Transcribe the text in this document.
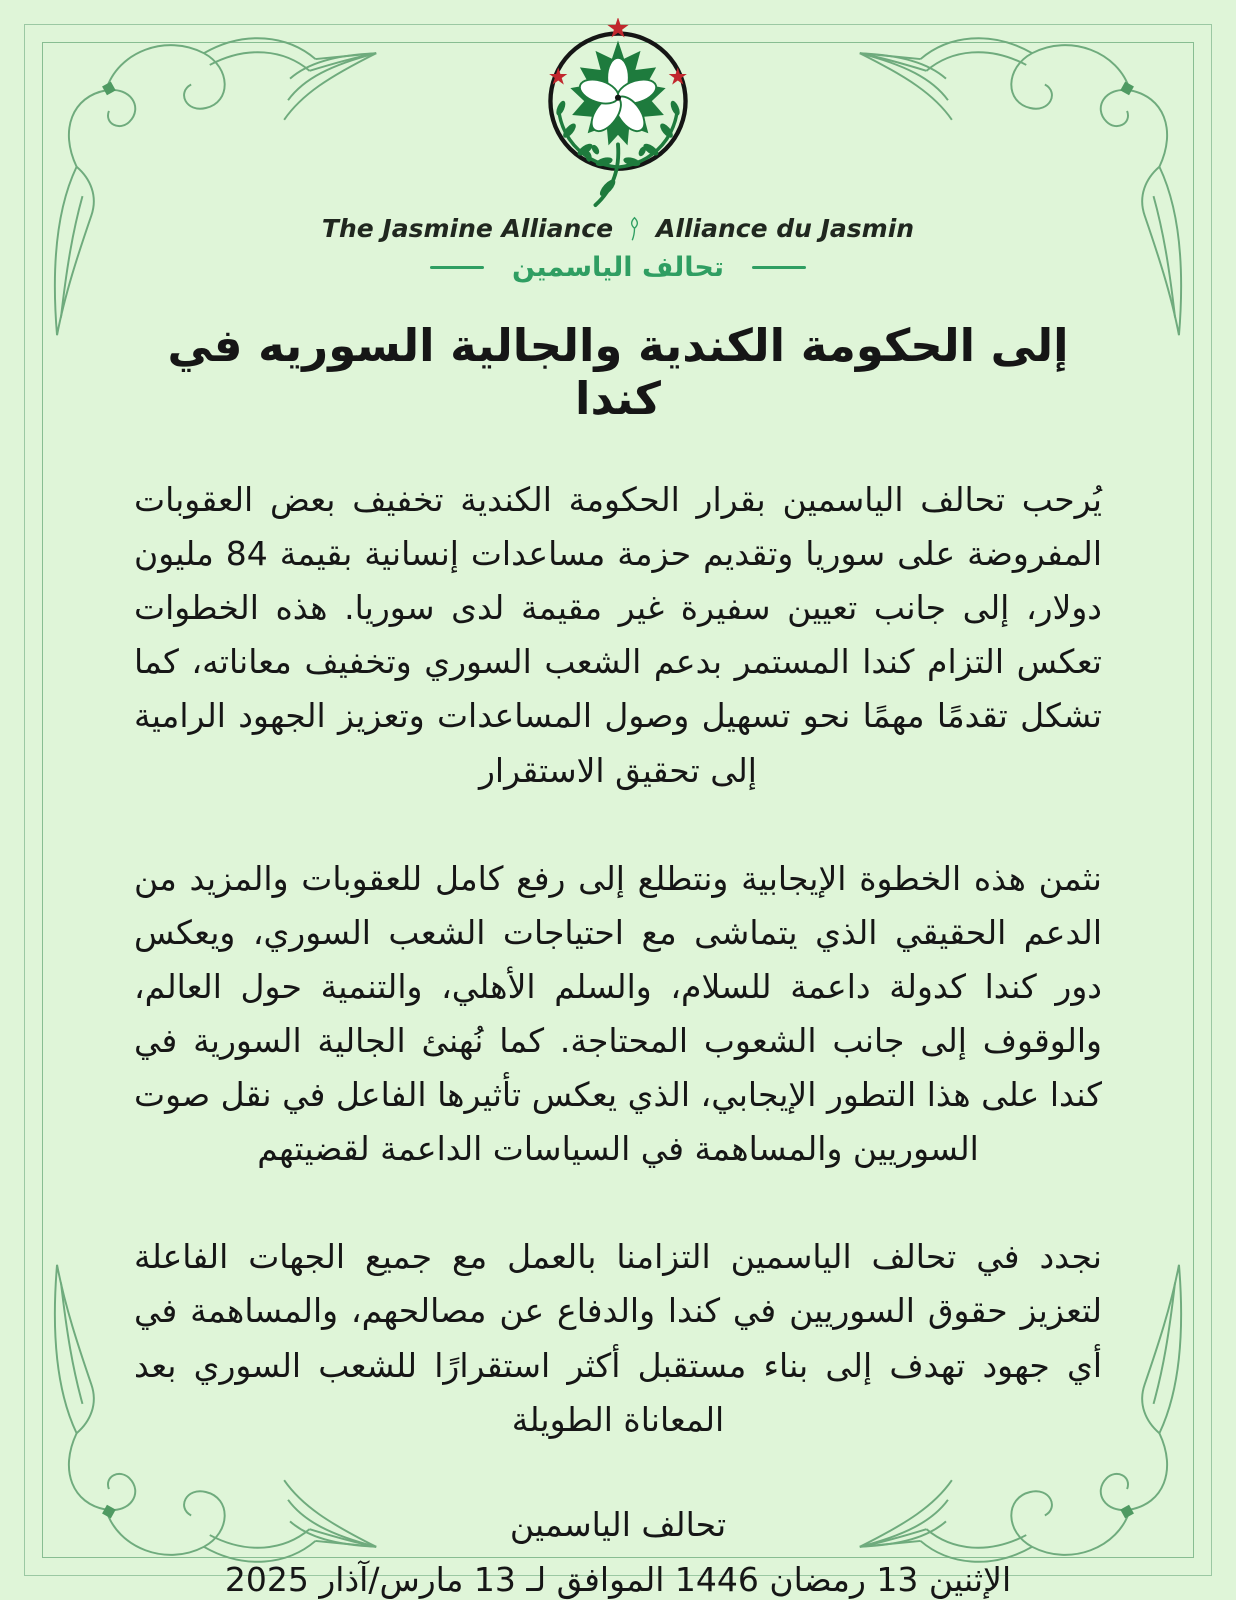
The Jasmine Alliance Alliance du Jasmin
تحالف الياسمين
إلى الحكومة الكندية والجالية السوريه في كندا

يُرحب تحالف الياسمين بقرار الحكومة الكندية تخفيف بعض العقوبات المفروضة على سوريا وتقديم حزمة مساعدات إنسانية بقيمة 84 مليون دولار، إلى جانب تعيين سفيرة غير مقيمة لدى سوريا. هذه الخطوات تعكس التزام كندا المستمر بدعم الشعب السوري وتخفيف معاناته، كما تشكل تقدمًا مهمًا نحو تسهيل وصول المساعدات وتعزيز الجهود الرامية إلى تحقيق الاستقرار

نثمن هذه الخطوة الإيجابية ونتطلع إلى رفع كامل للعقوبات والمزيد من الدعم الحقيقي الذي يتماشى مع احتياجات الشعب السوري، ويعكس دور كندا كدولة داعمة للسلام، والسلم الأهلي، والتنمية حول العالم، والوقوف إلى جانب الشعوب المحتاجة. كما نُهنئ الجالية السورية في كندا على هذا التطور الإيجابي، الذي يعكس تأثيرها الفاعل في نقل صوت السوريين والمساهمة في السياسات الداعمة لقضيتهم

نجدد في تحالف الياسمين التزامنا بالعمل مع جميع الجهات الفاعلة لتعزيز حقوق السوريين في كندا والدفاع عن مصالحهم، والمساهمة في أي جهود تهدف إلى بناء مستقبل أكثر استقرارًا للشعب السوري بعد المعاناة الطويلة

تحالف الياسمين
الإثنين 13 رمضان 1446 الموافق لـ 13 مارس/آذار 2025
